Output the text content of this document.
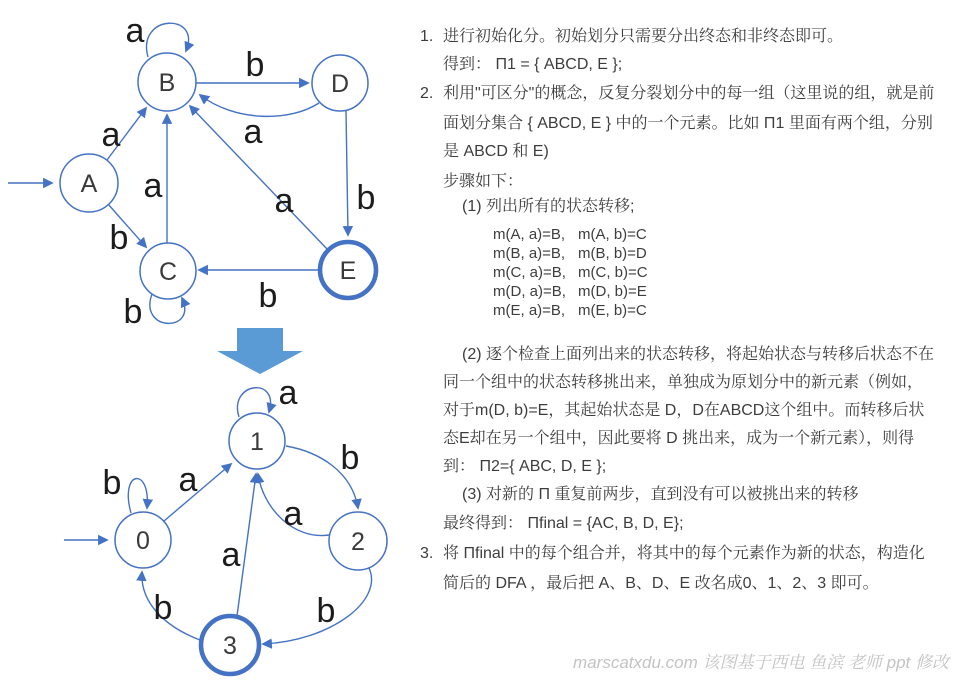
A
B
C
D
E
a
b
a
b
a
b
a
b
a
b
0
1
2
3
b a
a
b
a
b
a
b
1. 进行初始化分。初始划分只需要分出终态和非终态即可。
得到： Π1 = { ABCD, E };
2. 利用"可区分"的概念，反复分裂划分中的每一组（这里说的组，就是前
面划分集合 { ABCD, E } 中的一个元素。比如 Π1 里面有两个组，分别
是 ABCD 和 E)
步骤如下：
(1) 列出所有的状态转移;
m(A, a)=B, m(A, b)=C
m(B, a)=B, m(B, b)=D
m(C, a)=B, m(C, b)=C
m(D, a)=B, m(D, b)=E
m(E, a)=B, m(E, b)=C
(2) 逐个检查上面列出来的状态转移，将起始状态与转移后状态不在
同一个组中的状态转移挑出来，单独成为原划分中的新元素（例如，
对于m(D, b)=E，其起始状态是 D，D在ABCD这个组中。而转移后状
态E却在另一个组中，因此要将 D 挑出来，成为一个新元素），则得
到： Π2={ ABC, D, E };
(3) 对新的 Π 重复前两步，直到没有可以被挑出来的转移
最终得到： Πfinal = {AC, B, D, E};
3. 将 Πfinal 中的每个组合并，将其中的每个元素作为新的状态，构造化
简后的 DFA ，最后把 A、B、D、E 改名成0、1、2、3 即可。
marscatxdu.com 该图基于西电 鱼滨 老师 ppt 修改
